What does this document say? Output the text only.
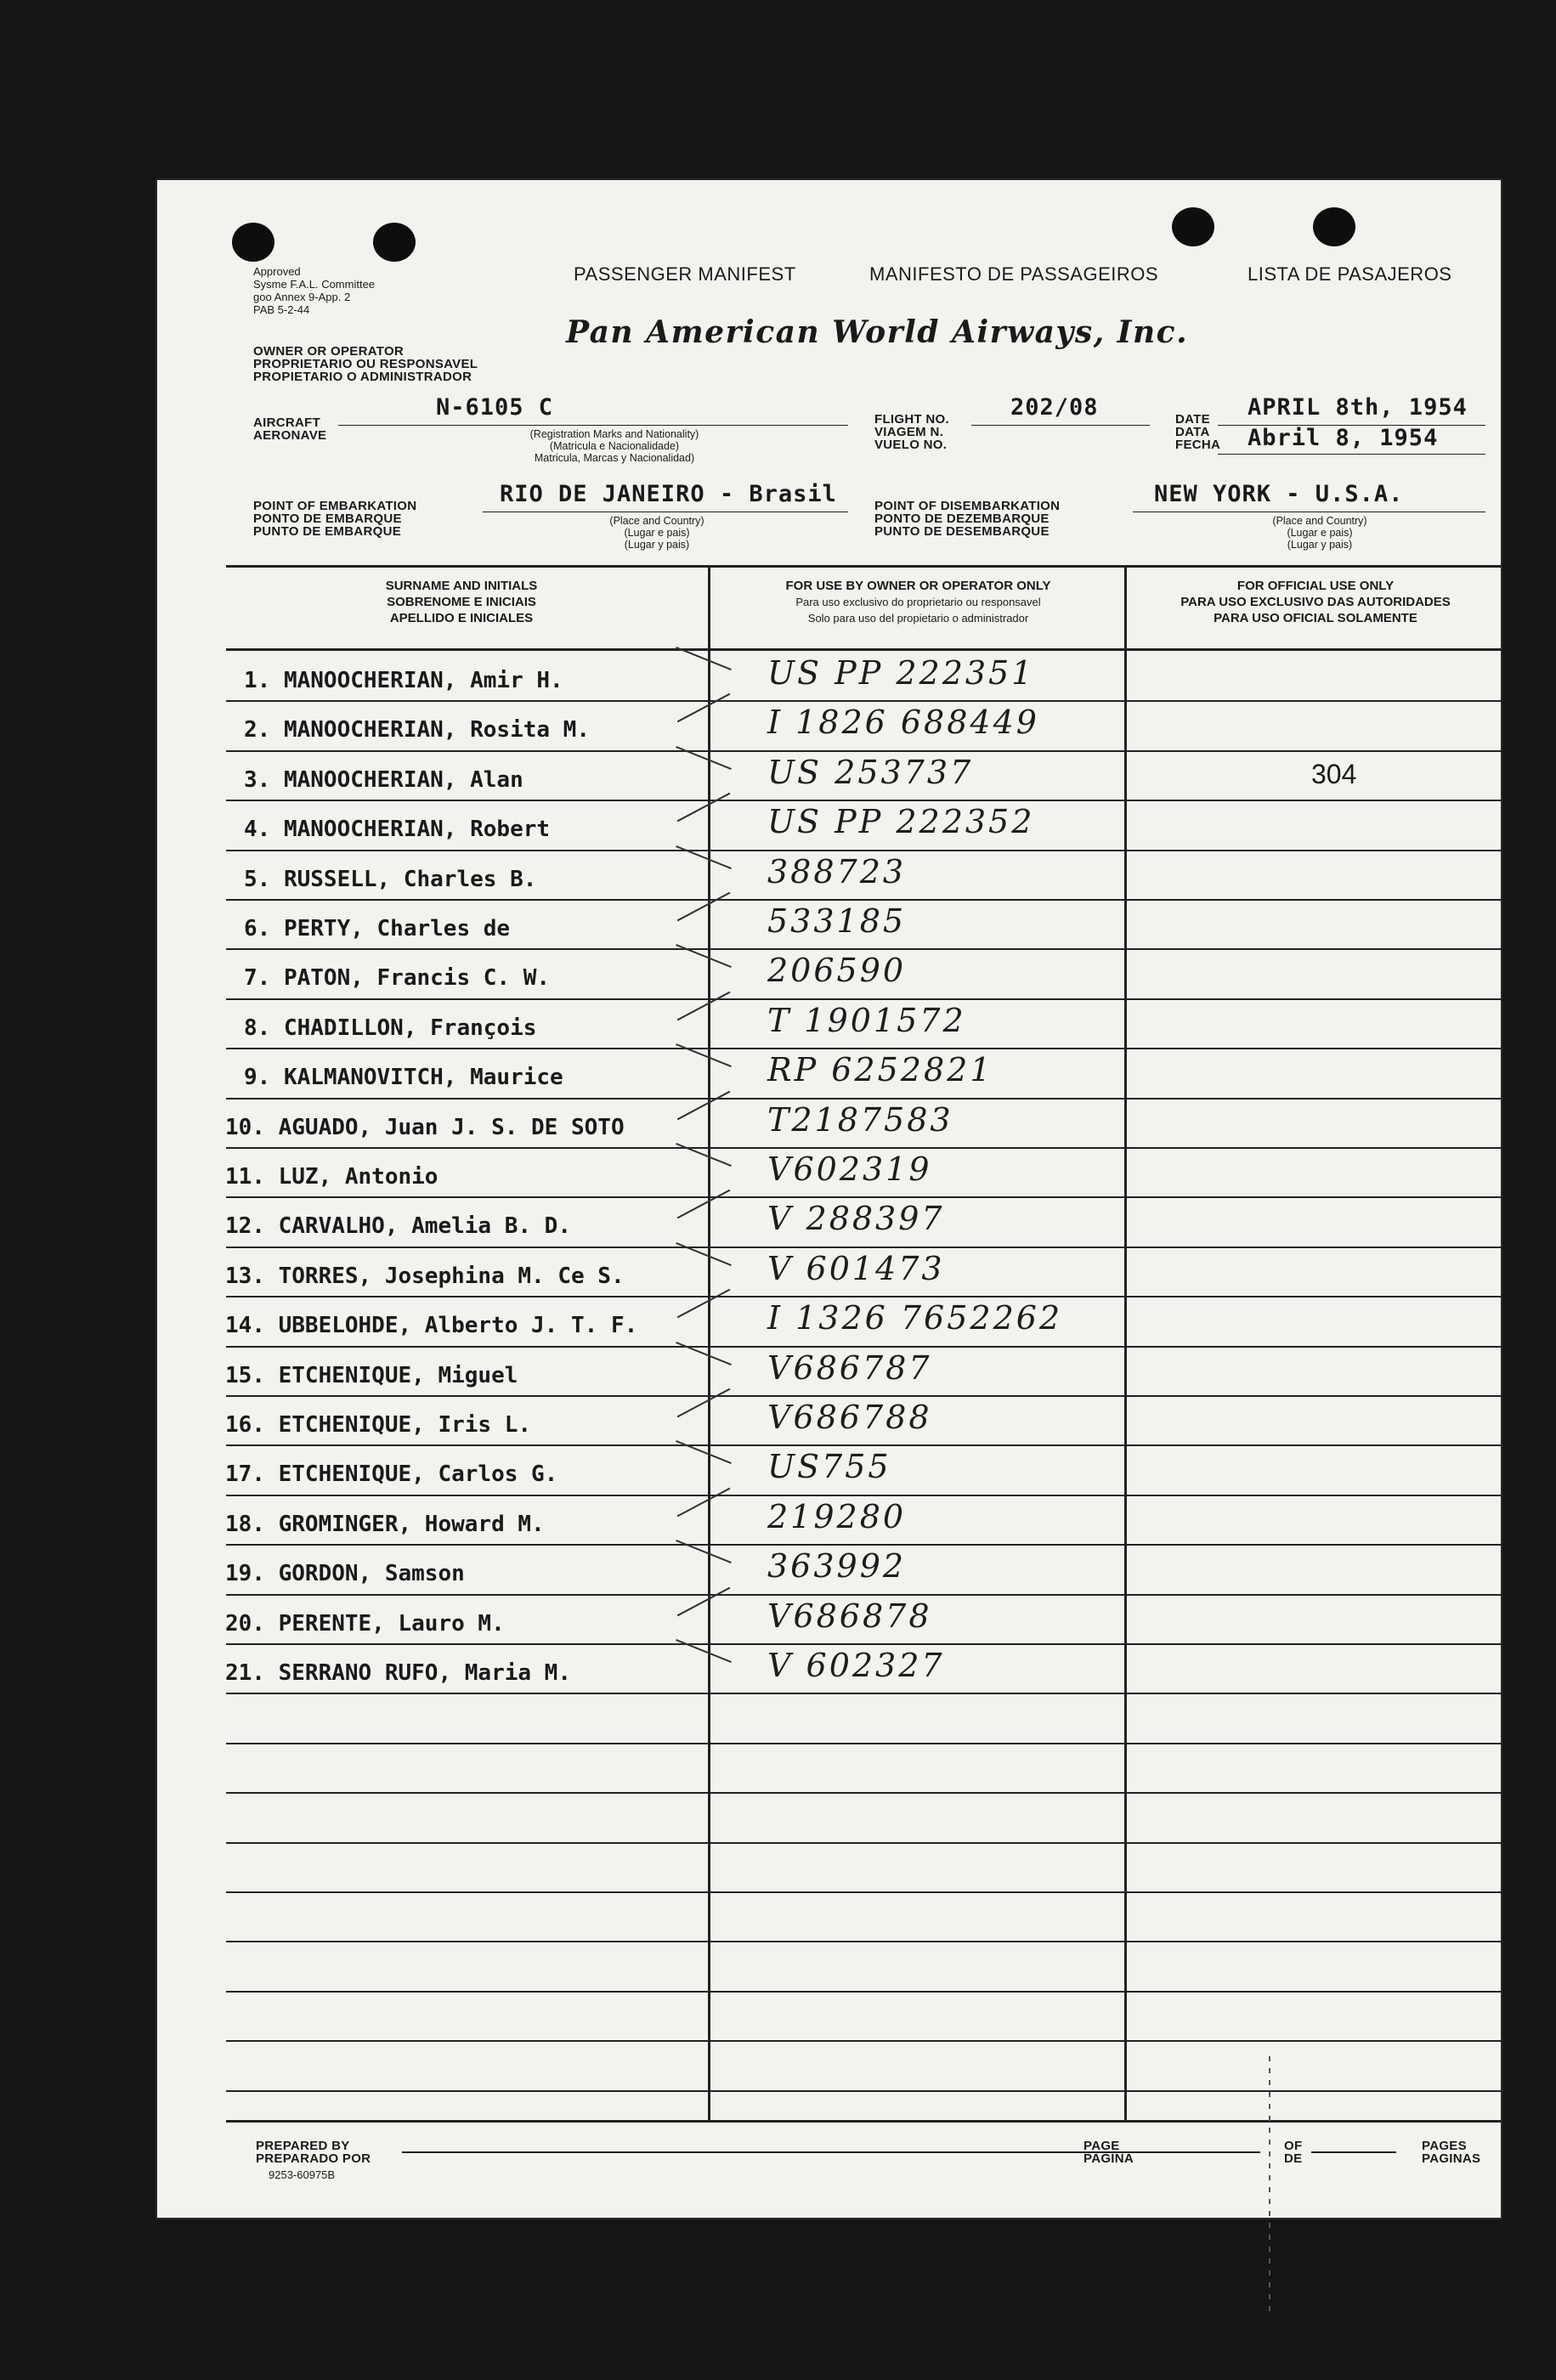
Approved
Sysme F.A.L. Committee
goo Annex 9-App. 2
PAB 5-2-44
OWNER OR OPERATOR
PROPRIETARIO OU RESPONSAVEL
PROPIETARIO O ADMINISTRADOR
PASSENGER MANIFEST	MANIFESTO DE PASSAGEIROS	LISTA DE PASAJEROS
Pan American World Airways, Inc.
AIRCRAFT
AERONAVE
N-6105 C
(Registration Marks and Nationality)
(Matricula e Nacionalidade)
Matricula, Marcas y Nacionalidad)
FLIGHT NO.
VIAGEM N.
VUELO NO.
202/08	DATE
DATA
FECHA
APRIL 8th, 1954
Abril 8, 1954
POINT OF EMBARKATION
PONTO DE EMBARQUE
PUNTO DE EMBARQUE
RIO DE JANEIRO - Brasil
(Place and Country)
(Lugar e pais)
(Lugar y pais)
POINT OF DISEMBARKATION
PONTO DE DEZEMBARQUE
PUNTO DE DESEMBARQUE
NEW YORK - U.S.A.
(Place and Country)
(Lugar e pais)
(Lugar y pais)
SURNAME AND INITIALS
SOBRENOME E INICIAIS
APELLIDO E INICIALES
FOR USE BY OWNER OR OPERATOR ONLY
Para uso exclusivo do proprietario ou responsavel
Solo para uso del propietario o administrador
FOR OFFICIAL USE ONLY
PARA USO EXCLUSIVO DAS AUTORIDADES
PARA USO OFICIAL SOLAMENTE
1. MANOOCHERIAN, Amir H.	US PP 222351
2. MANOOCHERIAN, Rosita M.	I 1826 688449
3. MANOOCHERIAN, Alan	US 253737	304
4. MANOOCHERIAN, Robert	US PP 222352
5. RUSSELL, Charles B.	388723
6. PERTY, Charles de	533185
7. PATON, Francis C. W.	206590
8. CHADILLON, François	T 1901572
9. KALMANOVITCH, Maurice	RP 6252821
10. AGUADO, Juan J. S. DE SOTO	T2187583
11. LUZ, Antonio	V602319
12. CARVALHO, Amelia B. D.	V 288397
13. TORRES, Josephina M. Ce S.	V 601473
14. UBBELOHDE, Alberto J. T. F.	I 1326 7652262
15. ETCHENIQUE, Miguel	V686787
16. ETCHENIQUE, Iris L.	V686788
17. ETCHENIQUE, Carlos G.	US755
18. GROMINGER, Howard M.	219280
19. GORDON, Samson	363992
20. PERENTE, Lauro M.	V686878
21. SERRANO RUFO, Maria M.	V 602327
PREPARED BY
PREPARADO POR
9253-60975B
PAGE
PAGINA
OF
DE
PAGES
PAGINAS
